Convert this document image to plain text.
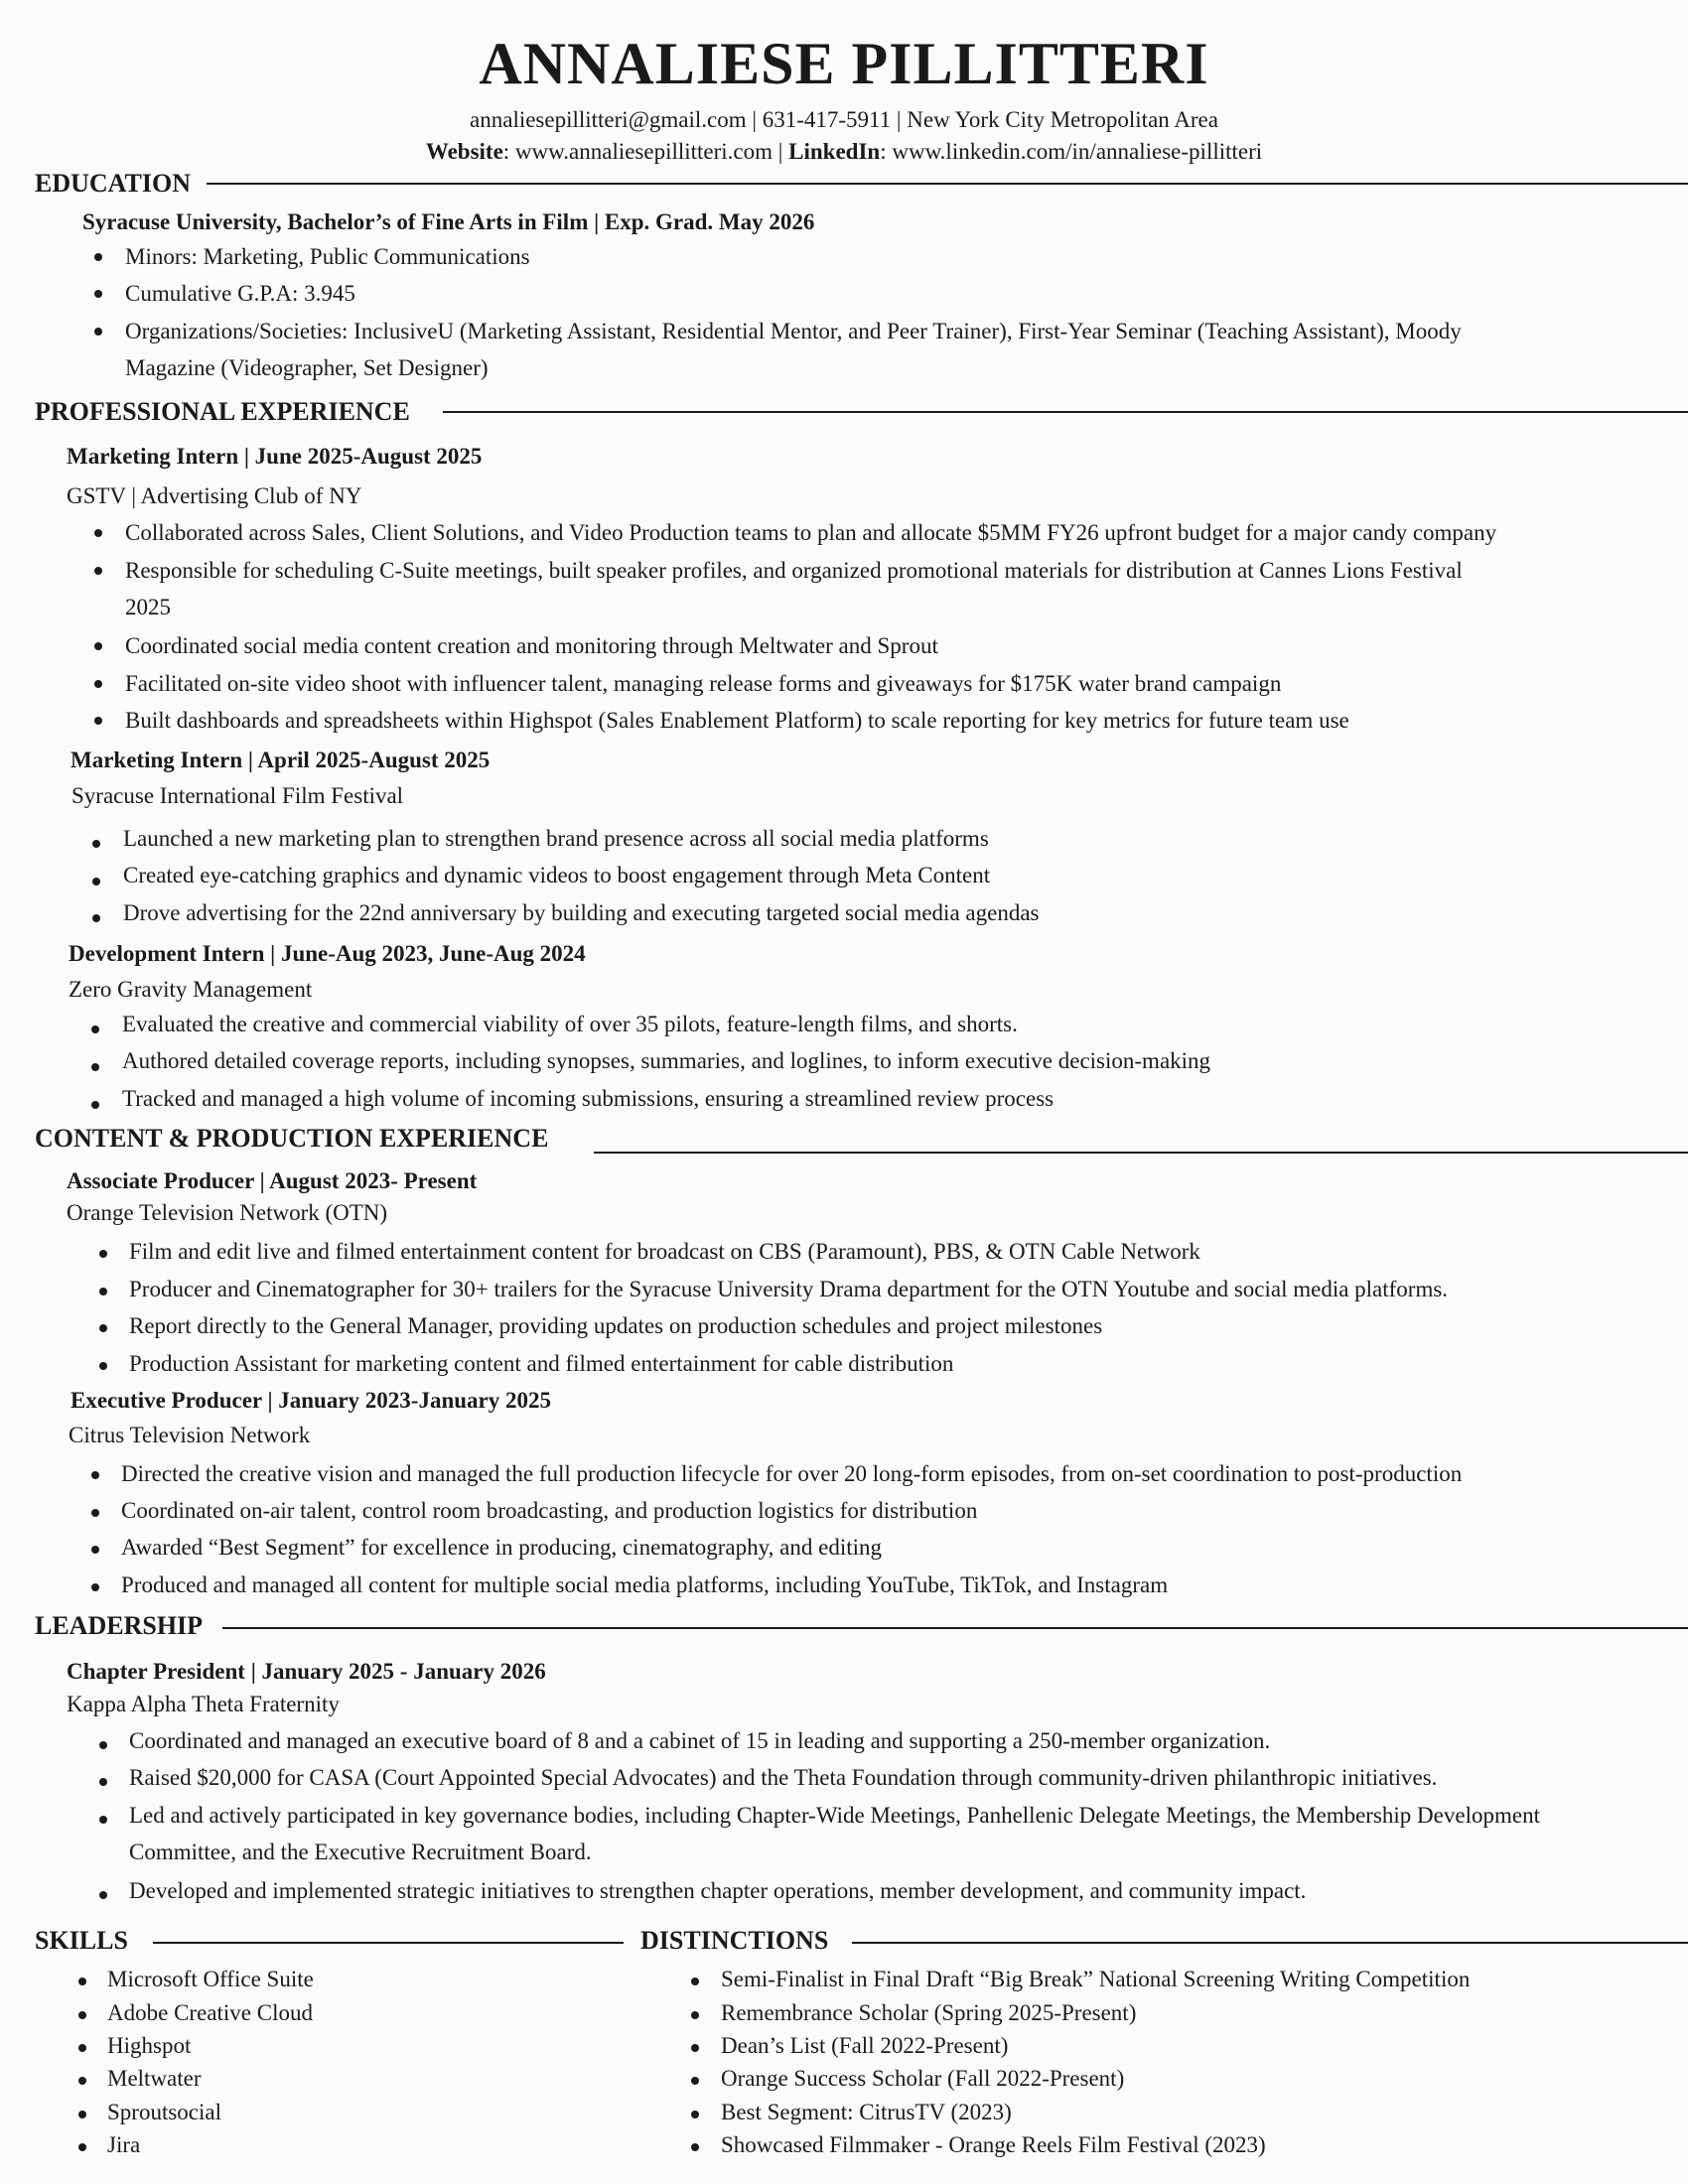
ANNALIESE PILLITTERI
annaliesepillitteri@gmail.com | 631-417-5911 | New York City Metropolitan Area
Website: www.annaliesepillitteri.com | LinkedIn: www.linkedin.com/in/annaliese-pillitteri
EDUCATION
Syracuse University, Bachelor’s of Fine Arts in Film | Exp. Grad. May 2026
Minors: Marketing, Public Communications
Cumulative G.P.A: 3.945
Organizations/Societies: InclusiveU (Marketing Assistant, Residential Mentor, and Peer Trainer), First-Year Seminar (Teaching Assistant), Moody
Magazine (Videographer, Set Designer)
PROFESSIONAL EXPERIENCE
Marketing Intern | June 2025-August 2025
GSTV | Advertising Club of NY
Collaborated across Sales, Client Solutions, and Video Production teams to plan and allocate $5MM FY26 upfront budget for a major candy company
Responsible for scheduling C-Suite meetings, built speaker profiles, and organized promotional materials for distribution at Cannes Lions Festival
2025
Coordinated social media content creation and monitoring through Meltwater and Sprout
Facilitated on-site video shoot with influencer talent, managing release forms and giveaways for $175K water brand campaign
Built dashboards and spreadsheets within Highspot (Sales Enablement Platform) to scale reporting for key metrics for future team use
Marketing Intern | April 2025-August 2025
Syracuse International Film Festival
Launched a new marketing plan to strengthen brand presence across all social media platforms
Created eye-catching graphics and dynamic videos to boost engagement through Meta Content
Drove advertising for the 22nd anniversary by building and executing targeted social media agendas
Development Intern | June-Aug 2023, June-Aug 2024
Zero Gravity Management
Evaluated the creative and commercial viability of over 35 pilots, feature-length films, and shorts.
Authored detailed coverage reports, including synopses, summaries, and loglines, to inform executive decision-making
Tracked and managed a high volume of incoming submissions, ensuring a streamlined review process
CONTENT & PRODUCTION EXPERIENCE
Associate Producer | August 2023- Present
Orange Television Network (OTN)
Film and edit live and filmed entertainment content for broadcast on CBS (Paramount), PBS, & OTN Cable Network
Producer and Cinematographer for 30+ trailers for the Syracuse University Drama department for the OTN Youtube and social media platforms.
Report directly to the General Manager, providing updates on production schedules and project milestones
Production Assistant for marketing content and filmed entertainment for cable distribution
Executive Producer | January 2023-January 2025
Citrus Television Network
Directed the creative vision and managed the full production lifecycle for over 20 long-form episodes, from on-set coordination to post-production
Coordinated on-air talent, control room broadcasting, and production logistics for distribution
Awarded “Best Segment” for excellence in producing, cinematography, and editing
Produced and managed all content for multiple social media platforms, including YouTube, TikTok, and Instagram
LEADERSHIP
Chapter President | January 2025 - January 2026
Kappa Alpha Theta Fraternity
Coordinated and managed an executive board of 8 and a cabinet of 15 in leading and supporting a 250-member organization.
Raised $20,000 for CASA (Court Appointed Special Advocates) and the Theta Foundation through community-driven philanthropic initiatives.
Led and actively participated in key governance bodies, including Chapter-Wide Meetings, Panhellenic Delegate Meetings, the Membership Development
Committee, and the Executive Recruitment Board.
Developed and implemented strategic initiatives to strengthen chapter operations, member development, and community impact.
SKILLS
Microsoft Office Suite
Adobe Creative Cloud
Highspot
Meltwater
Sproutsocial
Jira
DISTINCTIONS
Semi-Finalist in Final Draft “Big Break” National Screening Writing Competition
Remembrance Scholar (Spring 2025-Present)
Dean’s List (Fall 2022-Present)
Orange Success Scholar (Fall 2022-Present)
Best Segment: CitrusTV (2023)
Showcased Filmmaker - Orange Reels Film Festival (2023)
